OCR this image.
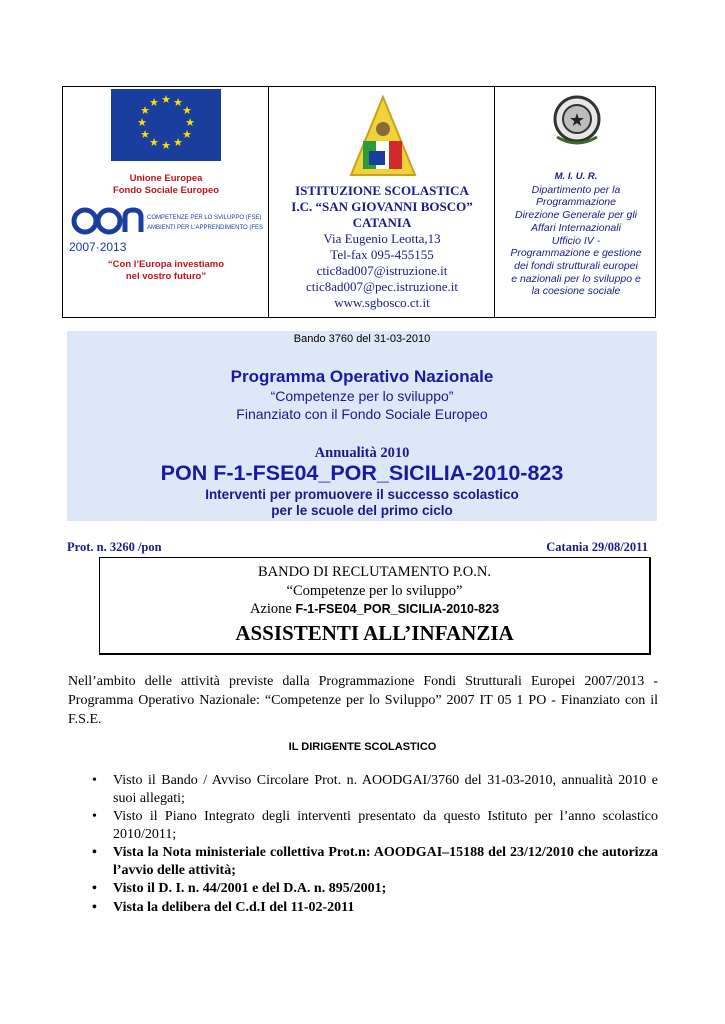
★ ★
★
★
★
★
★
★
★
★
★
★
Unione Europea
Fondo Sociale Europeo
2007·2013
COMPETENZE PER LO SVILUPPO (FSE)
AMBIENTI PER L'APPRENDIMENTO (FESR)
“Con l’Europa investiamo
nel vostro futuro”
ISTITUZIONE SCOLASTICA
I.C. “SAN GIOVANNI BOSCO”
CATANIA
Via Eugenio Leotta,13
Tel-fax 095-455155
ctic8ad007@istruzione.it
ctic8ad007@pec.istruzione.it
www.sgbosco.ct.it
★
M. I. U. R.
Dipartimento per la
Programmazione
Direzione Generale per gli
Affari Internazionali
Ufficio IV -
Programmazione e gestione
dei fondi strutturali europei
e nazionali per lo sviluppo e
la coesione sociale
Bando 3760 del 31-03-2010
Programma Operativo Nazionale
“Competenze per lo sviluppo”
Finanziato con il Fondo Sociale Europeo
Annualità 2010
PON F-1-FSE04_POR_SICILIA-2010-823
Interventi per promuovere il successo scolastico
per le scuole del primo ciclo
Prot. n. 3260 /pon	Catania 29/08/2011
BANDO DI RECLUTAMENTO P.O.N.
“Competenze per lo sviluppo”
Azione F-1-FSE04_POR_SICILIA-2010-823
ASSISTENTI ALL’INFANZIA
Nell’ambito delle attività previste dalla Programmazione Fondi Strutturali Europei 2007/2013 - Programma Operativo Nazionale: “Competenze per lo Sviluppo” 2007 IT 05 1 PO - Finanziato con il F.S.E.
IL DIRIGENTE SCOLASTICO
• Visto il Bando / Avviso Circolare Prot. n. AOODGAI/3760 del 31-03-2010, annualità 2010 e suoi allegati;
• Visto il Piano Integrato degli interventi presentato da questo Istituto per l’anno scolastico 2010/2011;
• Vista la Nota ministeriale collettiva Prot.n: AOODGAI–15188 del 23/12/2010 che autorizza l’avvio delle attività;
• Visto il D. I. n. 44/2001 e del D.A. n. 895/2001;
• Vista la delibera del C.d.I del 11-02-2011
